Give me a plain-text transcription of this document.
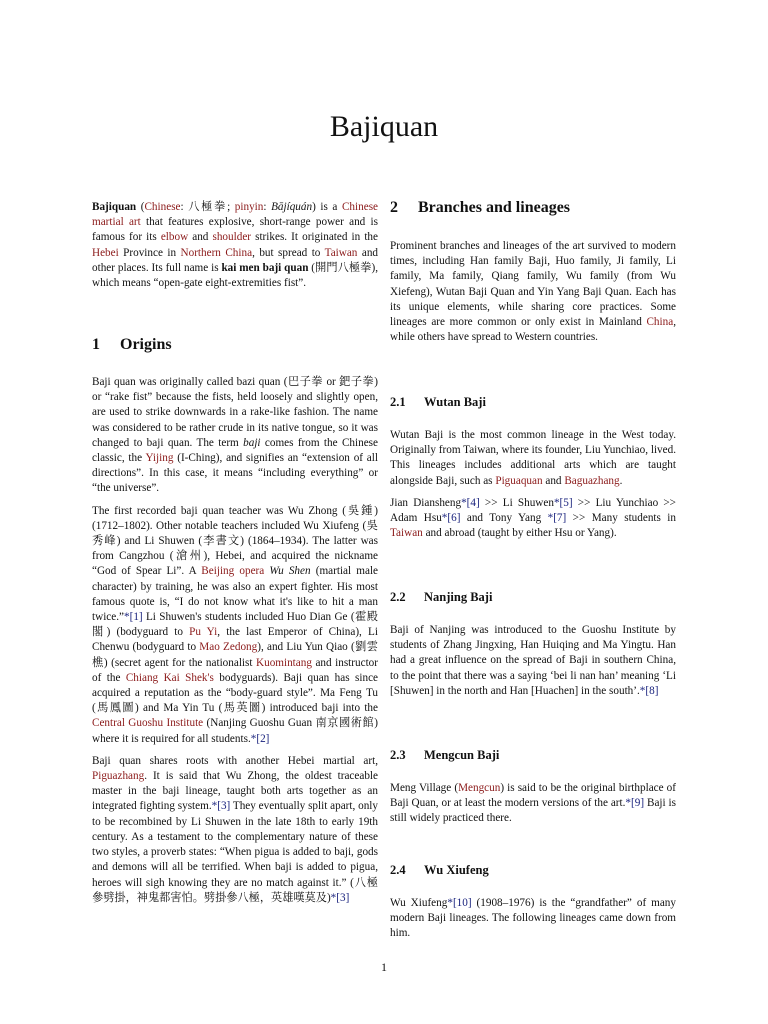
Bajiquan

Bajiquan (Chinese: 八極拳; pinyin: Bājíquán) is a Chinese martial art that features explosive, short-range power and is famous for its elbow and shoulder strikes. It originated in the Hebei Province in Northern China, but spread to Taiwan and other places. Its full name is kai men baji quan (開門八極拳), which means “open-gate eight-extremities fist”.

1 Origins

Baji quan was originally called bazi quan (巴子拳 or 鈀子拳) or “rake fist” because the fists, held loosely and slightly open, are used to strike downwards in a rake-like fashion. The name was considered to be rather crude in its native tongue, so it was changed to baji quan. The term baji comes from the Chinese classic, the Yijing (I-Ching), and signifies an “extension of all directions”. In this case, it means “including everything” or “the universe”.

The first recorded baji quan teacher was Wu Zhong (吳鍾) (1712–1802). Other notable teachers included Wu Xiufeng (吳秀峰) and Li Shuwen (李書文) (1864–1934). The latter was from Cangzhou (滄州), Hebei, and acquired the nickname “God of Spear Li”. A Beijing opera Wu Shen (martial male character) by training, he was also an expert fighter. His most famous quote is, “I do not know what it's like to hit a man twice.”*[1] Li Shuwen's students included Huo Dian Ge (霍殿閣) (bodyguard to Pu Yi, the last Emperor of China), Li Chenwu (bodyguard to Mao Zedong), and Liu Yun Qiao (劉雲樵) (secret agent for the nationalist Kuomintang and instructor of the Chiang Kai Shek's bodyguards). Baji quan has since acquired a reputation as the “body-guard style”. Ma Feng Tu (馬鳳圖) and Ma Yin Tu (馬英圖) introduced baji into the Central Guoshu Institute (Nanjing Guoshu Guan 南京國術館) where it is required for all students.*[2]

Baji quan shares roots with another Hebei martial art, Piguazhang. It is said that Wu Zhong, the oldest traceable master in the baji lineage, taught both arts together as an integrated fighting system.*[3] They eventually split apart, only to be recombined by Li Shuwen in the late 18th to early 19th century. As a testament to the complementary nature of these two styles, a proverb states: “When pigua is added to baji, gods and demons will all be terrified. When baji is added to pigua, heroes will sigh knowing they are no match against it.” (八極參劈掛，神鬼都害怕。劈掛參八極，英雄嘆莫及)*[3]

2 Branches and lineages

Prominent branches and lineages of the art survived to modern times, including Han family Baji, Huo family, Ji family, Li family, Ma family, Qiang family, Wu family (from Wu Xiefeng), Wutan Baji Quan and Yin Yang Baji Quan. Each has its unique elements, while sharing core practices. Some lineages are more common or only exist in Mainland China, while others have spread to Western countries.

2.1 Wutan Baji

Wutan Baji is the most common lineage in the West today. Originally from Taiwan, where its founder, Liu Yunchiao, lived. This lineages includes additional arts which are taught alongside Baji, such as Piguaquan and Baguazhang.

Jian Diansheng*[4] >> Li Shuwen*[5] >> Liu Yunchiao >> Adam Hsu*[6] and Tony Yang *[7] >> Many students in Taiwan and abroad (taught by either Hsu or Yang).

2.2 Nanjing Baji

Baji of Nanjing was introduced to the Guoshu Institute by students of Zhang Jingxing, Han Huiqing and Ma Yingtu. Han had a great influence on the spread of Baji in southern China, to the point that there was a saying ‘bei li nan han’ meaning ‘Li [Shuwen] in the north and Han [Huachen] in the south’.*[8]

2.3 Mengcun Baji

Meng Village (Mengcun) is said to be the original birthplace of Baji Quan, or at least the modern versions of the art.*[9] Baji is still widely practiced there.

2.4 Wu Xiufeng

Wu Xiufeng*[10] (1908–1976) is the “grandfather” of many modern Baji lineages. The following lineages came down from him.

1
